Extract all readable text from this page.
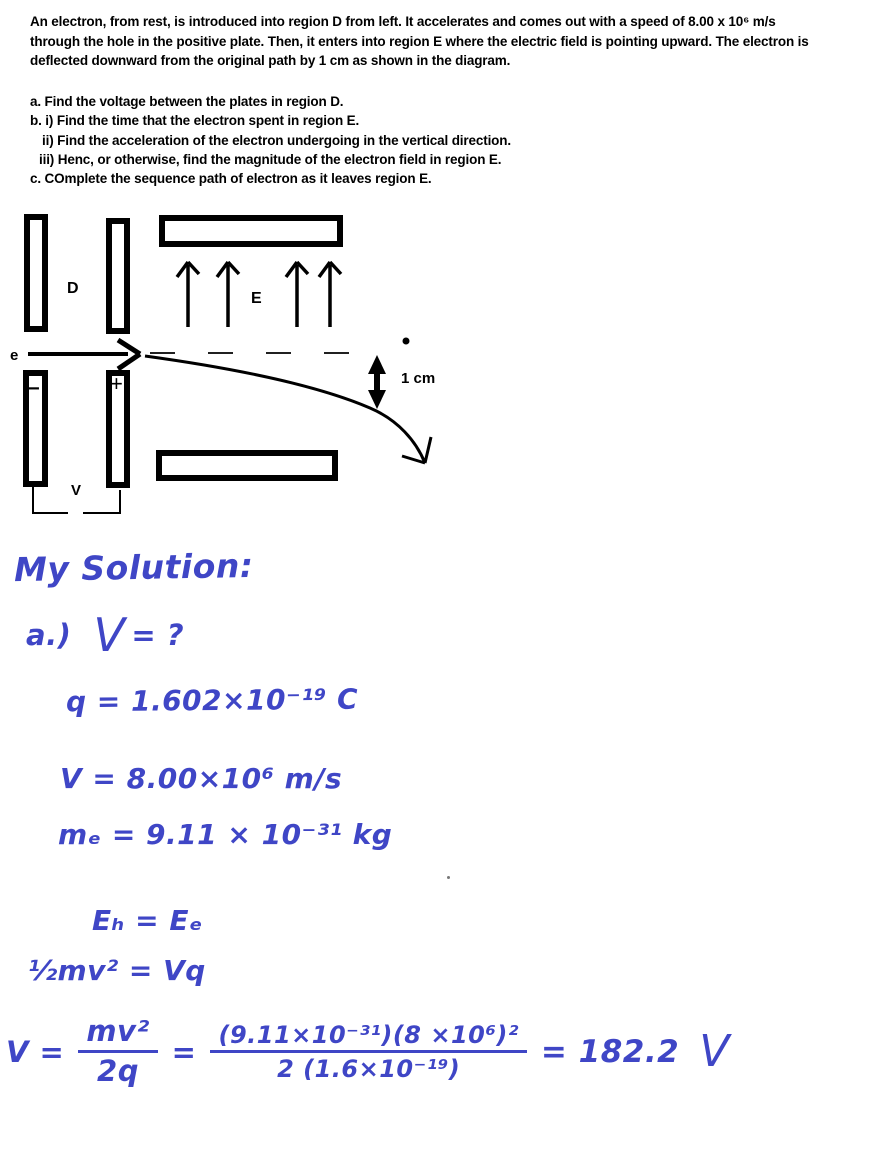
An electron, from rest, is introduced into region D from left. It accelerates and comes out with a speed of 8.00 x 10⁶ m/s
through the hole in the positive plate. Then, it enters into region E where the electric field is pointing upward. The electron is
deflected downward from the original path by 1 cm as shown in the diagram.
a. Find the voltage between the plates in region D.
b. i) Find the time that the electron spent in region E.
ii) Find the acceleration of the electron undergoing in the vertical direction.
iii) Henc, or otherwise, find the magnitude of the electron field in region E.
c. COmplete the sequence path of electron as it leaves region E.
−	+
D
E
e
V
1 cm
My Solution:
a.) V = ?
q = 1.602×10⁻¹⁹ C
V = 8.00×10⁶ m/s
mₑ = 9.11 × 10⁻³¹ kg
Eₕ = Eₑ
½mv² = Vq
$V = \frac{\text{mv²}}{2q} = \frac{\text{(9.11×10⁻³¹)(8 ×10⁶)²}}{\text{2 (1.6×10⁻¹⁹)}} = 182.2$ V
